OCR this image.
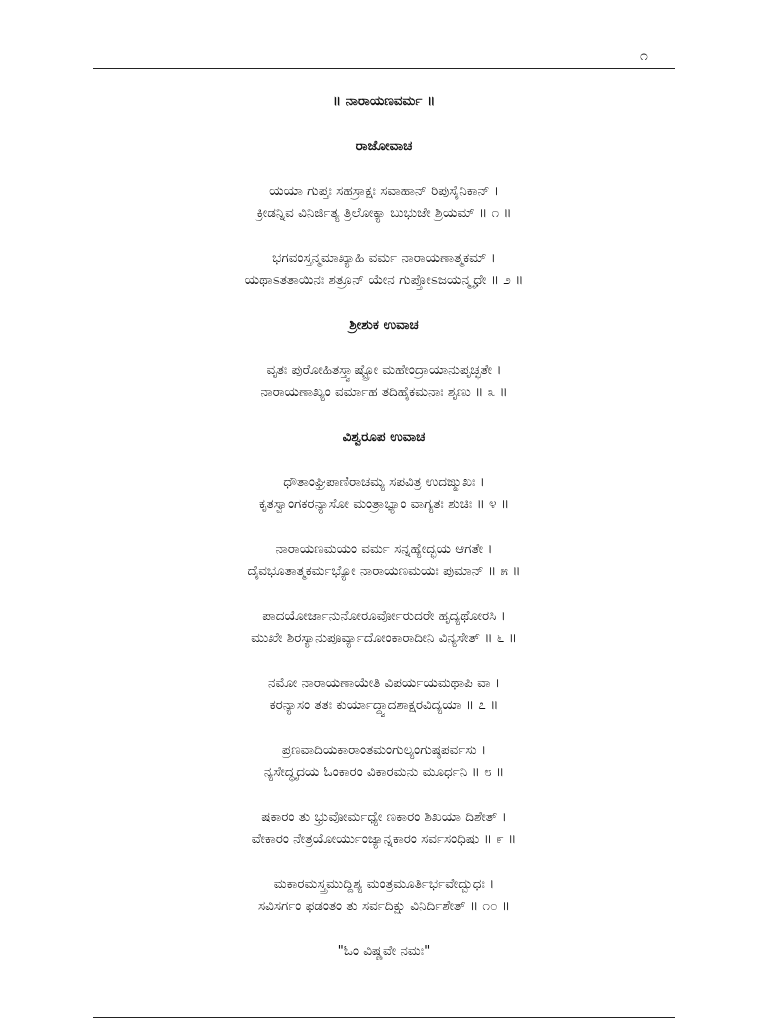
೧
॥ ನಾರಾಯಣವರ್ಮ ॥
ರಾಜೋವಾಚ
ಯಯಾ ಗುಪ್ತಃ ಸಹಸ್ರಾಕ್ಷಃ ಸವಾಹಾನ್ ರಿಪುಸೈನಿಕಾನ್ ।
ಕ್ರೀಡನ್ನಿವ ವಿನಿರ್ಜಿತ್ಯ ತ್ರಿಲೋಕ್ಯಾ ಬುಭುಜೇ ಶ್ರಿಯಮ್ ॥ ೧ ॥
ಭಗವಂಸ್ತನ್ಮಮಾಖ್ಯಾಹಿ ವರ್ಮ ನಾರಾಯಣಾತ್ಮಕಮ್ ।
ಯಥಾಽತತಾಯಿನಃ ಶತ್ರೂನ್ ಯೇನ ಗುಪ್ತೋಽಜಯನ್ಮೃಧೇ ॥ ೨ ॥
ಶ್ರೀಶುಕ ಉವಾಚ
ವೃತಃ ಪುರೋಹಿತಸ್ತ್ವಾಷ್ಟ್ರೋ ಮಹೇಂದ್ರಾಯಾನುಪೃಚ್ಛತೇ ।
ನಾರಾಯಣಾಖ್ಯಂ ವರ್ಮಾಹ ತದಿಹೈಕಮನಾಃ ಶೃಣು ॥ ೩ ॥
ವಿಶ್ವರೂಪ ಉವಾಚ
ಧೌತಾಂಘ್ರಿಪಾಣಿರಾಚಮ್ಯ ಸಪವಿತ್ರ ಉದಙ್ಮುಖಃ ।
ಕೃತಸ್ವಾಂಗಕರನ್ಯಾಸೋ ಮಂತ್ರಾಭ್ಯಾಂ ವಾಗ್ಯತಃ ಶುಚಿಃ ॥ ೪ ॥
ನಾರಾಯಣಮಯಂ ವರ್ಮ ಸನ್ನಹ್ಯೇದ್ಭಯ ಆಗತೇ ।
ದೈವಭೂತಾತ್ಮಕರ್ಮಭ್ಯೋ ನಾರಾಯಣಮಯಃ ಪುಮಾನ್ ॥ ೫ ॥
ಪಾದಯೋರ್ಜಾನುನೋರೂರ್ವೋರುದರೇ ಹೃದ್ಯಥೋರಸಿ ।
ಮುಖೇ ಶಿರಸ್ಯಾನುಪೂರ್ವ್ಯಾದೋಂಕಾರಾದೀನಿ ವಿನ್ಯಸೇತ್ ॥ ೬ ॥
ನಮೋ ನಾರಾಯಣಾಯೇತಿ ವಿಪರ್ಯಯಮಥಾಪಿ ವಾ ।
ಕರನ್ಯಾಸಂ ತತಃ ಕುರ್ಯಾದ್ದ್ವಾದಶಾಕ್ಷರವಿದ್ಯಯಾ ॥ ೭ ॥
ಪ್ರಣವಾದಿಯಕಾರಾಂತಮಂಗುಲ್ಯಂಗುಷ್ಠಪರ್ವಸು ।
ನ್ಯಸೇದ್ಧೃದಯ ಓಂಕಾರಂ ವಿಕಾರಮನು ಮೂರ್ಧನಿ ॥ ೮ ॥
ಷಕಾರಂ ತು ಭ್ರುವೋರ್ಮಧ್ಯೇ ಣಕಾರಂ ಶಿಖಯಾ ದಿಶೇತ್ ।
ವೇಕಾರಂ ನೇತ್ರಯೋರ್ಯುಂಜ್ಯಾನ್ನಕಾರಂ ಸರ್ವಸಂಧಿಷು ॥ ೯ ॥
ಮಕಾರಮಸ್ತ್ರಮುದ್ದಿಶ್ಯ ಮಂತ್ರಮೂರ್ತಿರ್ಭವೇದ್ಬುಧಃ ।
ಸವಿಸರ್ಗಂ ಫಡಂತಂ ತು ಸರ್ವದಿಕ್ಷು ವಿನಿರ್ದಿಶೇತ್ ॥ ೧೦ ॥
"ಓಂ ವಿಷ್ಣವೇ ನಮಃ"
